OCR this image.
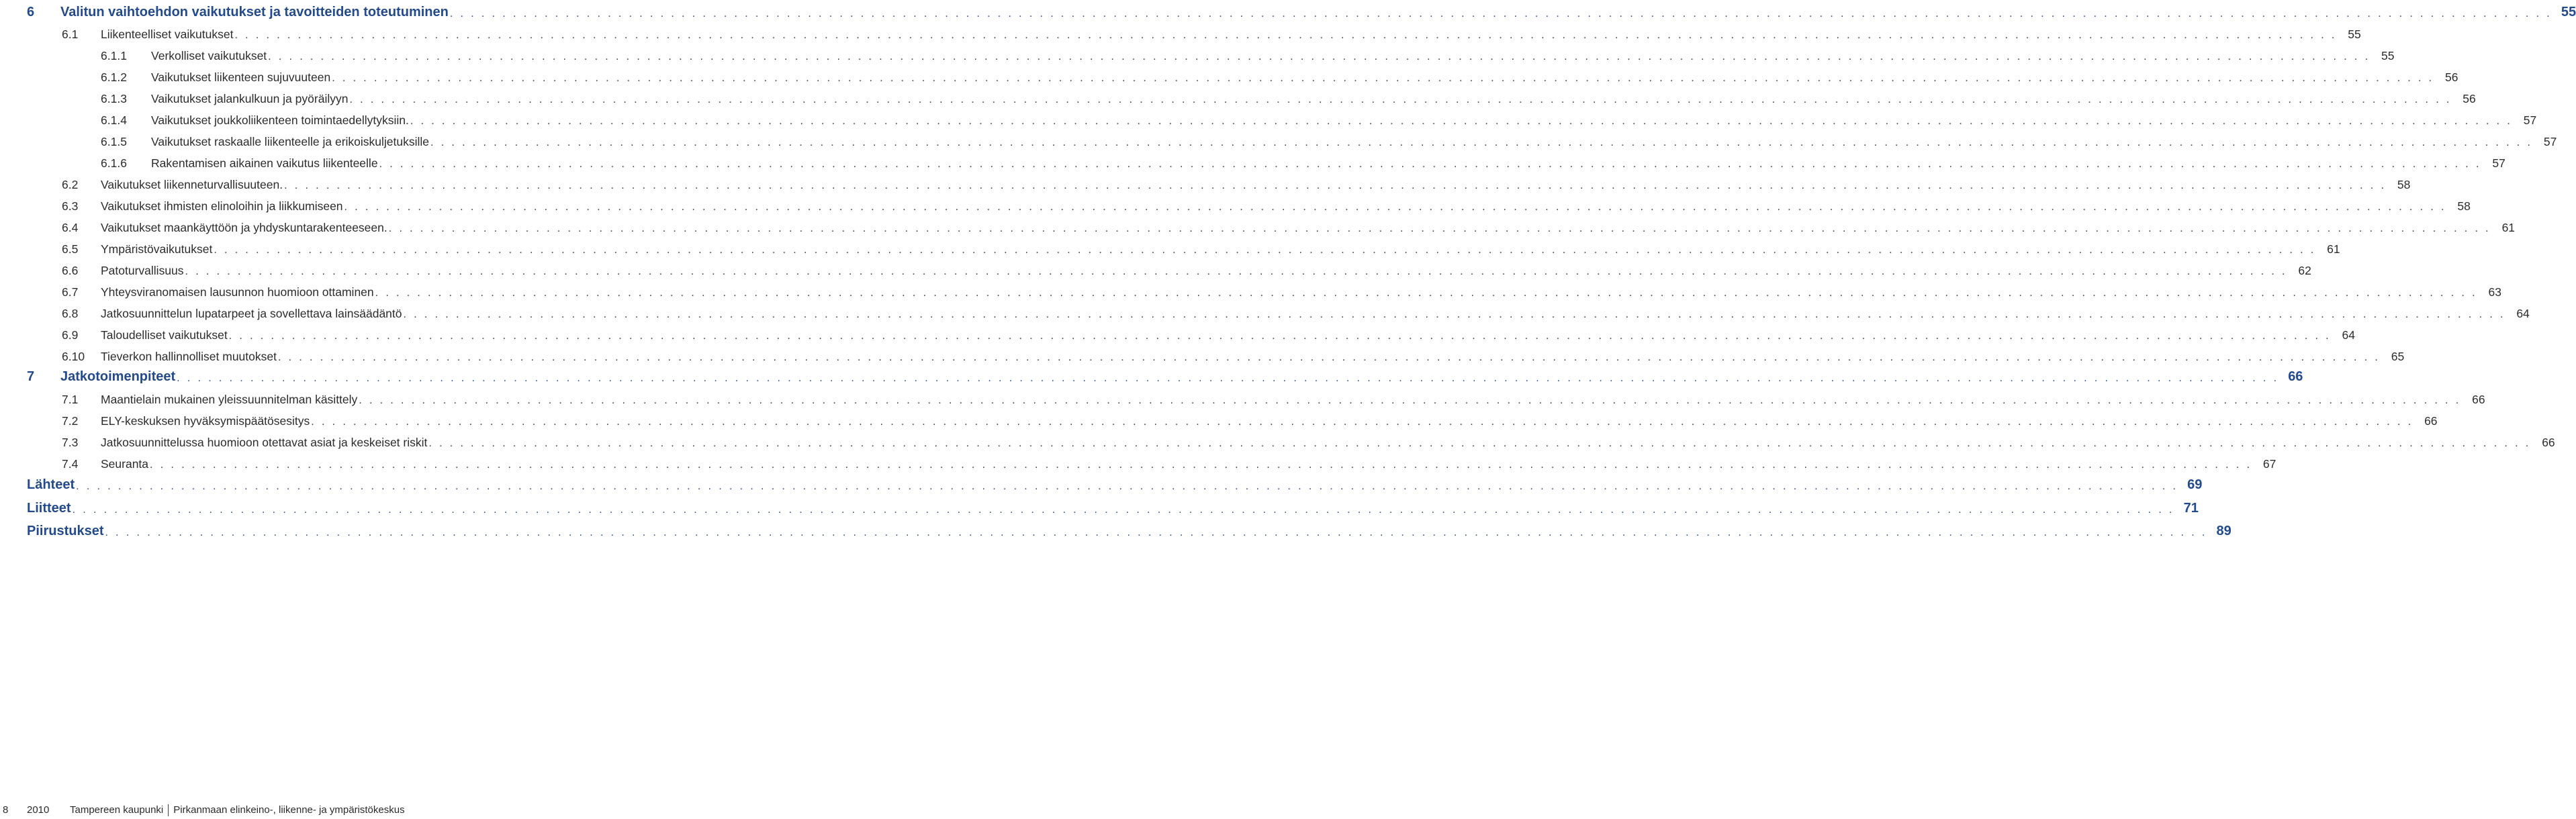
6	Valitun vaihtoehdon vaikutukset ja tavoitteiden toteutuminen . . . . . . . . . . . . . . . . . . . . . . . . . . . . . . . . . . . . . . . . . . . . . . . . . . . . . . . . . . . . . . . . . . . . . . . . . . . . . . . . . . . . . . . . . . . . . . . . . . . . . . . . . . . . . . . . . . . . . . . . . . . . . . . . . . . . . . . . . . . . . . . . . . . . . . . . . . . . . . . . . . . . . . . . . . . . . . . . . . . . . . . . . . . . . . . . . . . . . . . . 55
6.1	Liikenteelliset vaikutukset . . . . . . . . . . . . . . . . . . . . . . . . . . . . . . . . . . . . . . . . . . . . . . . . . . . . . . . . . . . . . . . . . . . . . . . . . . . . . . . . . . . . . . . . . . . . . . . . . . . . . . . . . . . . . . . . . . . . . . . . . . . . . . . . . . . . . . . . . . . . . . . . . . . . . . . . . . . . . . . . . . . . . . . . . . . . . . . . . . . . . . . . . . . . . . . . . . . . . . . . 55
6.1.1	Verkolliset vaikutukset . . . . . . . . . . . . . . . . . . . . . . . . . . . . . . . . . . . . . . . . . . . . . . . . . . . . . . . . . . . . . . . . . . . . . . . . . . . . . . . . . . . . . . . . . . . . . . . . . . . . . . . . . . . . . . . . . . . . . . . . . . . . . . . . . . . . . . . . . . . . . . . . . . . . . . . . . . . . . . . . . . . . . . . . . . . . . . . . . . . . . . . . . . . . . . . . . . . . . . . . 55
6.1.2	Vaikutukset liikenteen sujuvuuteen . . . . . . . . . . . . . . . . . . . . . . . . . . . . . . . . . . . . . . . . . . . . . . . . . . . . . . . . . . . . . . . . . . . . . . . . . . . . . . . . . . . . . . . . . . . . . . . . . . . . . . . . . . . . . . . . . . . . . . . . . . . . . . . . . . . . . . . . . . . . . . . . . . . . . . . . . . . . . . . . . . . . . . . . . . . . . . . . . . . . . . . . . . . . . . . . . . . . . . . . 56
6.1.3	Vaikutukset jalankulkuun ja pyöräilyyn . . . . . . . . . . . . . . . . . . . . . . . . . . . . . . . . . . . . . . . . . . . . . . . . . . . . . . . . . . . . . . . . . . . . . . . . . . . . . . . . . . . . . . . . . . . . . . . . . . . . . . . . . . . . . . . . . . . . . . . . . . . . . . . . . . . . . . . . . . . . . . . . . . . . . . . . . . . . . . . . . . . . . . . . . . . . . . . . . . . . . . . . . . . . . . . . . . . . . . . . 56
6.1.4	Vaikutukset joukkoliikenteen toimintaedellytyksiin. . . . . . . . . . . . . . . . . . . . . . . . . . . . . . . . . . . . . . . . . . . . . . . . . . . . . . . . . . . . . . . . . . . . . . . . . . . . . . . . . . . . . . . . . . . . . . . . . . . . . . . . . . . . . . . . . . . . . . . . . . . . . . . . . . . . . . . . . . . . . . . . . . . . . . . . . . . . . . . . . . . . . . . . . . . . . . . . . . . . . . . . . . . . . . . . . . . . . . . . . 57
6.1.5	Vaikutukset raskaalle liikenteelle ja erikoiskuljetuksille . . . . . . . . . . . . . . . . . . . . . . . . . . . . . . . . . . . . . . . . . . . . . . . . . . . . . . . . . . . . . . . . . . . . . . . . . . . . . . . . . . . . . . . . . . . . . . . . . . . . . . . . . . . . . . . . . . . . . . . . . . . . . . . . . . . . . . . . . . . . . . . . . . . . . . . . . . . . . . . . . . . . . . . . . . . . . . . . . . . . . . . . . . . . . . . . . . . . . . . . 57
6.1.6	Rakentamisen aikainen vaikutus liikenteelle . . . . . . . . . . . . . . . . . . . . . . . . . . . . . . . . . . . . . . . . . . . . . . . . . . . . . . . . . . . . . . . . . . . . . . . . . . . . . . . . . . . . . . . . . . . . . . . . . . . . . . . . . . . . . . . . . . . . . . . . . . . . . . . . . . . . . . . . . . . . . . . . . . . . . . . . . . . . . . . . . . . . . . . . . . . . . . . . . . . . . . . . . . . . . . . . . . . . . . . . 57
6.2	Vaikutukset liikenneturvallisuuteen. . . . . . . . . . . . . . . . . . . . . . . . . . . . . . . . . . . . . . . . . . . . . . . . . . . . . . . . . . . . . . . . . . . . . . . . . . . . . . . . . . . . . . . . . . . . . . . . . . . . . . . . . . . . . . . . . . . . . . . . . . . . . . . . . . . . . . . . . . . . . . . . . . . . . . . . . . . . . . . . . . . . . . . . . . . . . . . . . . . . . . . . . . . . . . . . . . . . . . . . . 58
6.3	Vaikutukset ihmisten elinoloihin ja liikkumiseen . . . . . . . . . . . . . . . . . . . . . . . . . . . . . . . . . . . . . . . . . . . . . . . . . . . . . . . . . . . . . . . . . . . . . . . . . . . . . . . . . . . . . . . . . . . . . . . . . . . . . . . . . . . . . . . . . . . . . . . . . . . . . . . . . . . . . . . . . . . . . . . . . . . . . . . . . . . . . . . . . . . . . . . . . . . . . . . . . . . . . . . . . . . . . . . . . . . . . . . . 58
6.4	Vaikutukset maankäyttöön ja yhdyskuntarakenteeseen. . . . . . . . . . . . . . . . . . . . . . . . . . . . . . . . . . . . . . . . . . . . . . . . . . . . . . . . . . . . . . . . . . . . . . . . . . . . . . . . . . . . . . . . . . . . . . . . . . . . . . . . . . . . . . . . . . . . . . . . . . . . . . . . . . . . . . . . . . . . . . . . . . . . . . . . . . . . . . . . . . . . . . . . . . . . . . . . . . . . . . . . . . . . . . . . . . . . . . . . . 61
6.5	Ympäristövaikutukset . . . . . . . . . . . . . . . . . . . . . . . . . . . . . . . . . . . . . . . . . . . . . . . . . . . . . . . . . . . . . . . . . . . . . . . . . . . . . . . . . . . . . . . . . . . . . . . . . . . . . . . . . . . . . . . . . . . . . . . . . . . . . . . . . . . . . . . . . . . . . . . . . . . . . . . . . . . . . . . . . . . . . . . . . . . . . . . . . . . . . . . . . . . . . . . . . . . . . . . . 61
6.6	Patoturvallisuus . . . . . . . . . . . . . . . . . . . . . . . . . . . . . . . . . . . . . . . . . . . . . . . . . . . . . . . . . . . . . . . . . . . . . . . . . . . . . . . . . . . . . . . . . . . . . . . . . . . . . . . . . . . . . . . . . . . . . . . . . . . . . . . . . . . . . . . . . . . . . . . . . . . . . . . . . . . . . . . . . . . . . . . . . . . . . . . . . . . . . . . . . . . . . . . . . . . . . . . . 62
6.7	Yhteysviranomaisen lausunnon huomioon ottaminen . . . . . . . . . . . . . . . . . . . . . . . . . . . . . . . . . . . . . . . . . . . . . . . . . . . . . . . . . . . . . . . . . . . . . . . . . . . . . . . . . . . . . . . . . . . . . . . . . . . . . . . . . . . . . . . . . . . . . . . . . . . . . . . . . . . . . . . . . . . . . . . . . . . . . . . . . . . . . . . . . . . . . . . . . . . . . . . . . . . . . . . . . . . . . . . . . . . . . . . . 63
6.8	Jatkosuunnittelun lupatarpeet ja sovellettava lainsäädäntö . . . . . . . . . . . . . . . . . . . . . . . . . . . . . . . . . . . . . . . . . . . . . . . . . . . . . . . . . . . . . . . . . . . . . . . . . . . . . . . . . . . . . . . . . . . . . . . . . . . . . . . . . . . . . . . . . . . . . . . . . . . . . . . . . . . . . . . . . . . . . . . . . . . . . . . . . . . . . . . . . . . . . . . . . . . . . . . . . . . . . . . . . . . . . . . . . . . . . . . . 64
6.9	Taloudelliset vaikutukset . . . . . . . . . . . . . . . . . . . . . . . . . . . . . . . . . . . . . . . . . . . . . . . . . . . . . . . . . . . . . . . . . . . . . . . . . . . . . . . . . . . . . . . . . . . . . . . . . . . . . . . . . . . . . . . . . . . . . . . . . . . . . . . . . . . . . . . . . . . . . . . . . . . . . . . . . . . . . . . . . . . . . . . . . . . . . . . . . . . . . . . . . . . . . . . . . . . . . . . . 64
6.10	Tieverkon hallinnolliset muutokset . . . . . . . . . . . . . . . . . . . . . . . . . . . . . . . . . . . . . . . . . . . . . . . . . . . . . . . . . . . . . . . . . . . . . . . . . . . . . . . . . . . . . . . . . . . . . . . . . . . . . . . . . . . . . . . . . . . . . . . . . . . . . . . . . . . . . . . . . . . . . . . . . . . . . . . . . . . . . . . . . . . . . . . . . . . . . . . . . . . . . . . . . . . . . . . . . . . . . . . . 65
7	Jatkotoimenpiteet . . . . . . . . . . . . . . . . . . . . . . . . . . . . . . . . . . . . . . . . . . . . . . . . . . . . . . . . . . . . . . . . . . . . . . . . . . . . . . . . . . . . . . . . . . . . . . . . . . . . . . . . . . . . . . . . . . . . . . . . . . . . . . . . . . . . . . . . . . . . . . . . . . . . . . . . . . . . . . . . . . . . . . . . . . . . . . . . . . . . . . . . . . . . . . . . . . . . . . . . 66
7.1	Maantielain mukainen yleissuunnitelman käsittely . . . . . . . . . . . . . . . . . . . . . . . . . . . . . . . . . . . . . . . . . . . . . . . . . . . . . . . . . . . . . . . . . . . . . . . . . . . . . . . . . . . . . . . . . . . . . . . . . . . . . . . . . . . . . . . . . . . . . . . . . . . . . . . . . . . . . . . . . . . . . . . . . . . . . . . . . . . . . . . . . . . . . . . . . . . . . . . . . . . . . . . . . . . . . . . . . . . . . . . . 66
7.2	ELY-keskuksen hyväksymispäätösesitys . . . . . . . . . . . . . . . . . . . . . . . . . . . . . . . . . . . . . . . . . . . . . . . . . . . . . . . . . . . . . . . . . . . . . . . . . . . . . . . . . . . . . . . . . . . . . . . . . . . . . . . . . . . . . . . . . . . . . . . . . . . . . . . . . . . . . . . . . . . . . . . . . . . . . . . . . . . . . . . . . . . . . . . . . . . . . . . . . . . . . . . . . . . . . . . . . . . . . . . . 66
7.3	Jatkosuunnittelussa huomioon otettavat asiat ja keskeiset riskit . . . . . . . . . . . . . . . . . . . . . . . . . . . . . . . . . . . . . . . . . . . . . . . . . . . . . . . . . . . . . . . . . . . . . . . . . . . . . . . . . . . . . . . . . . . . . . . . . . . . . . . . . . . . . . . . . . . . . . . . . . . . . . . . . . . . . . . . . . . . . . . . . . . . . . . . . . . . . . . . . . . . . . . . . . . . . . . . . . . . . . . . . . . . . . . . . . . . . . . . 66
7.4	Seuranta . . . . . . . . . . . . . . . . . . . . . . . . . . . . . . . . . . . . . . . . . . . . . . . . . . . . . . . . . . . . . . . . . . . . . . . . . . . . . . . . . . . . . . . . . . . . . . . . . . . . . . . . . . . . . . . . . . . . . . . . . . . . . . . . . . . . . . . . . . . . . . . . . . . . . . . . . . . . . . . . . . . . . . . . . . . . . . . . . . . . . . . . . . . . . . . . . . . . . . . . 67
Lähteet . . . . . . . . . . . . . . . . . . . . . . . . . . . . . . . . . . . . . . . . . . . . . . . . . . . . . . . . . . . . . . . . . . . . . . . . . . . . . . . . . . . . . . . . . . . . . . . . . . . . . . . . . . . . . . . . . . . . . . . . . . . . . . . . . . . . . . . . . . . . . . . . . . . . . . . . . . . . . . . . . . . . . . . . . . . . . . . . . . . . . . . . . . . . . . . . . . . . . . . . 69
Liitteet . . . . . . . . . . . . . . . . . . . . . . . . . . . . . . . . . . . . . . . . . . . . . . . . . . . . . . . . . . . . . . . . . . . . . . . . . . . . . . . . . . . . . . . . . . . . . . . . . . . . . . . . . . . . . . . . . . . . . . . . . . . . . . . . . . . . . . . . . . . . . . . . . . . . . . . . . . . . . . . . . . . . . . . . . . . . . . . . . . . . . . . . . . . . . . . . . . . . . . . . 71
Piirustukset . . . . . . . . . . . . . . . . . . . . . . . . . . . . . . . . . . . . . . . . . . . . . . . . . . . . . . . . . . . . . . . . . . . . . . . . . . . . . . . . . . . . . . . . . . . . . . . . . . . . . . . . . . . . . . . . . . . . . . . . . . . . . . . . . . . . . . . . . . . . . . . . . . . . . . . . . . . . . . . . . . . . . . . . . . . . . . . . . . . . . . . . . . . . . . . . . . . . . . . . 89
8 2010 Tampereen kaupunki Pirkanmaan elinkeino-, liikenne- ja ympäristökeskus
